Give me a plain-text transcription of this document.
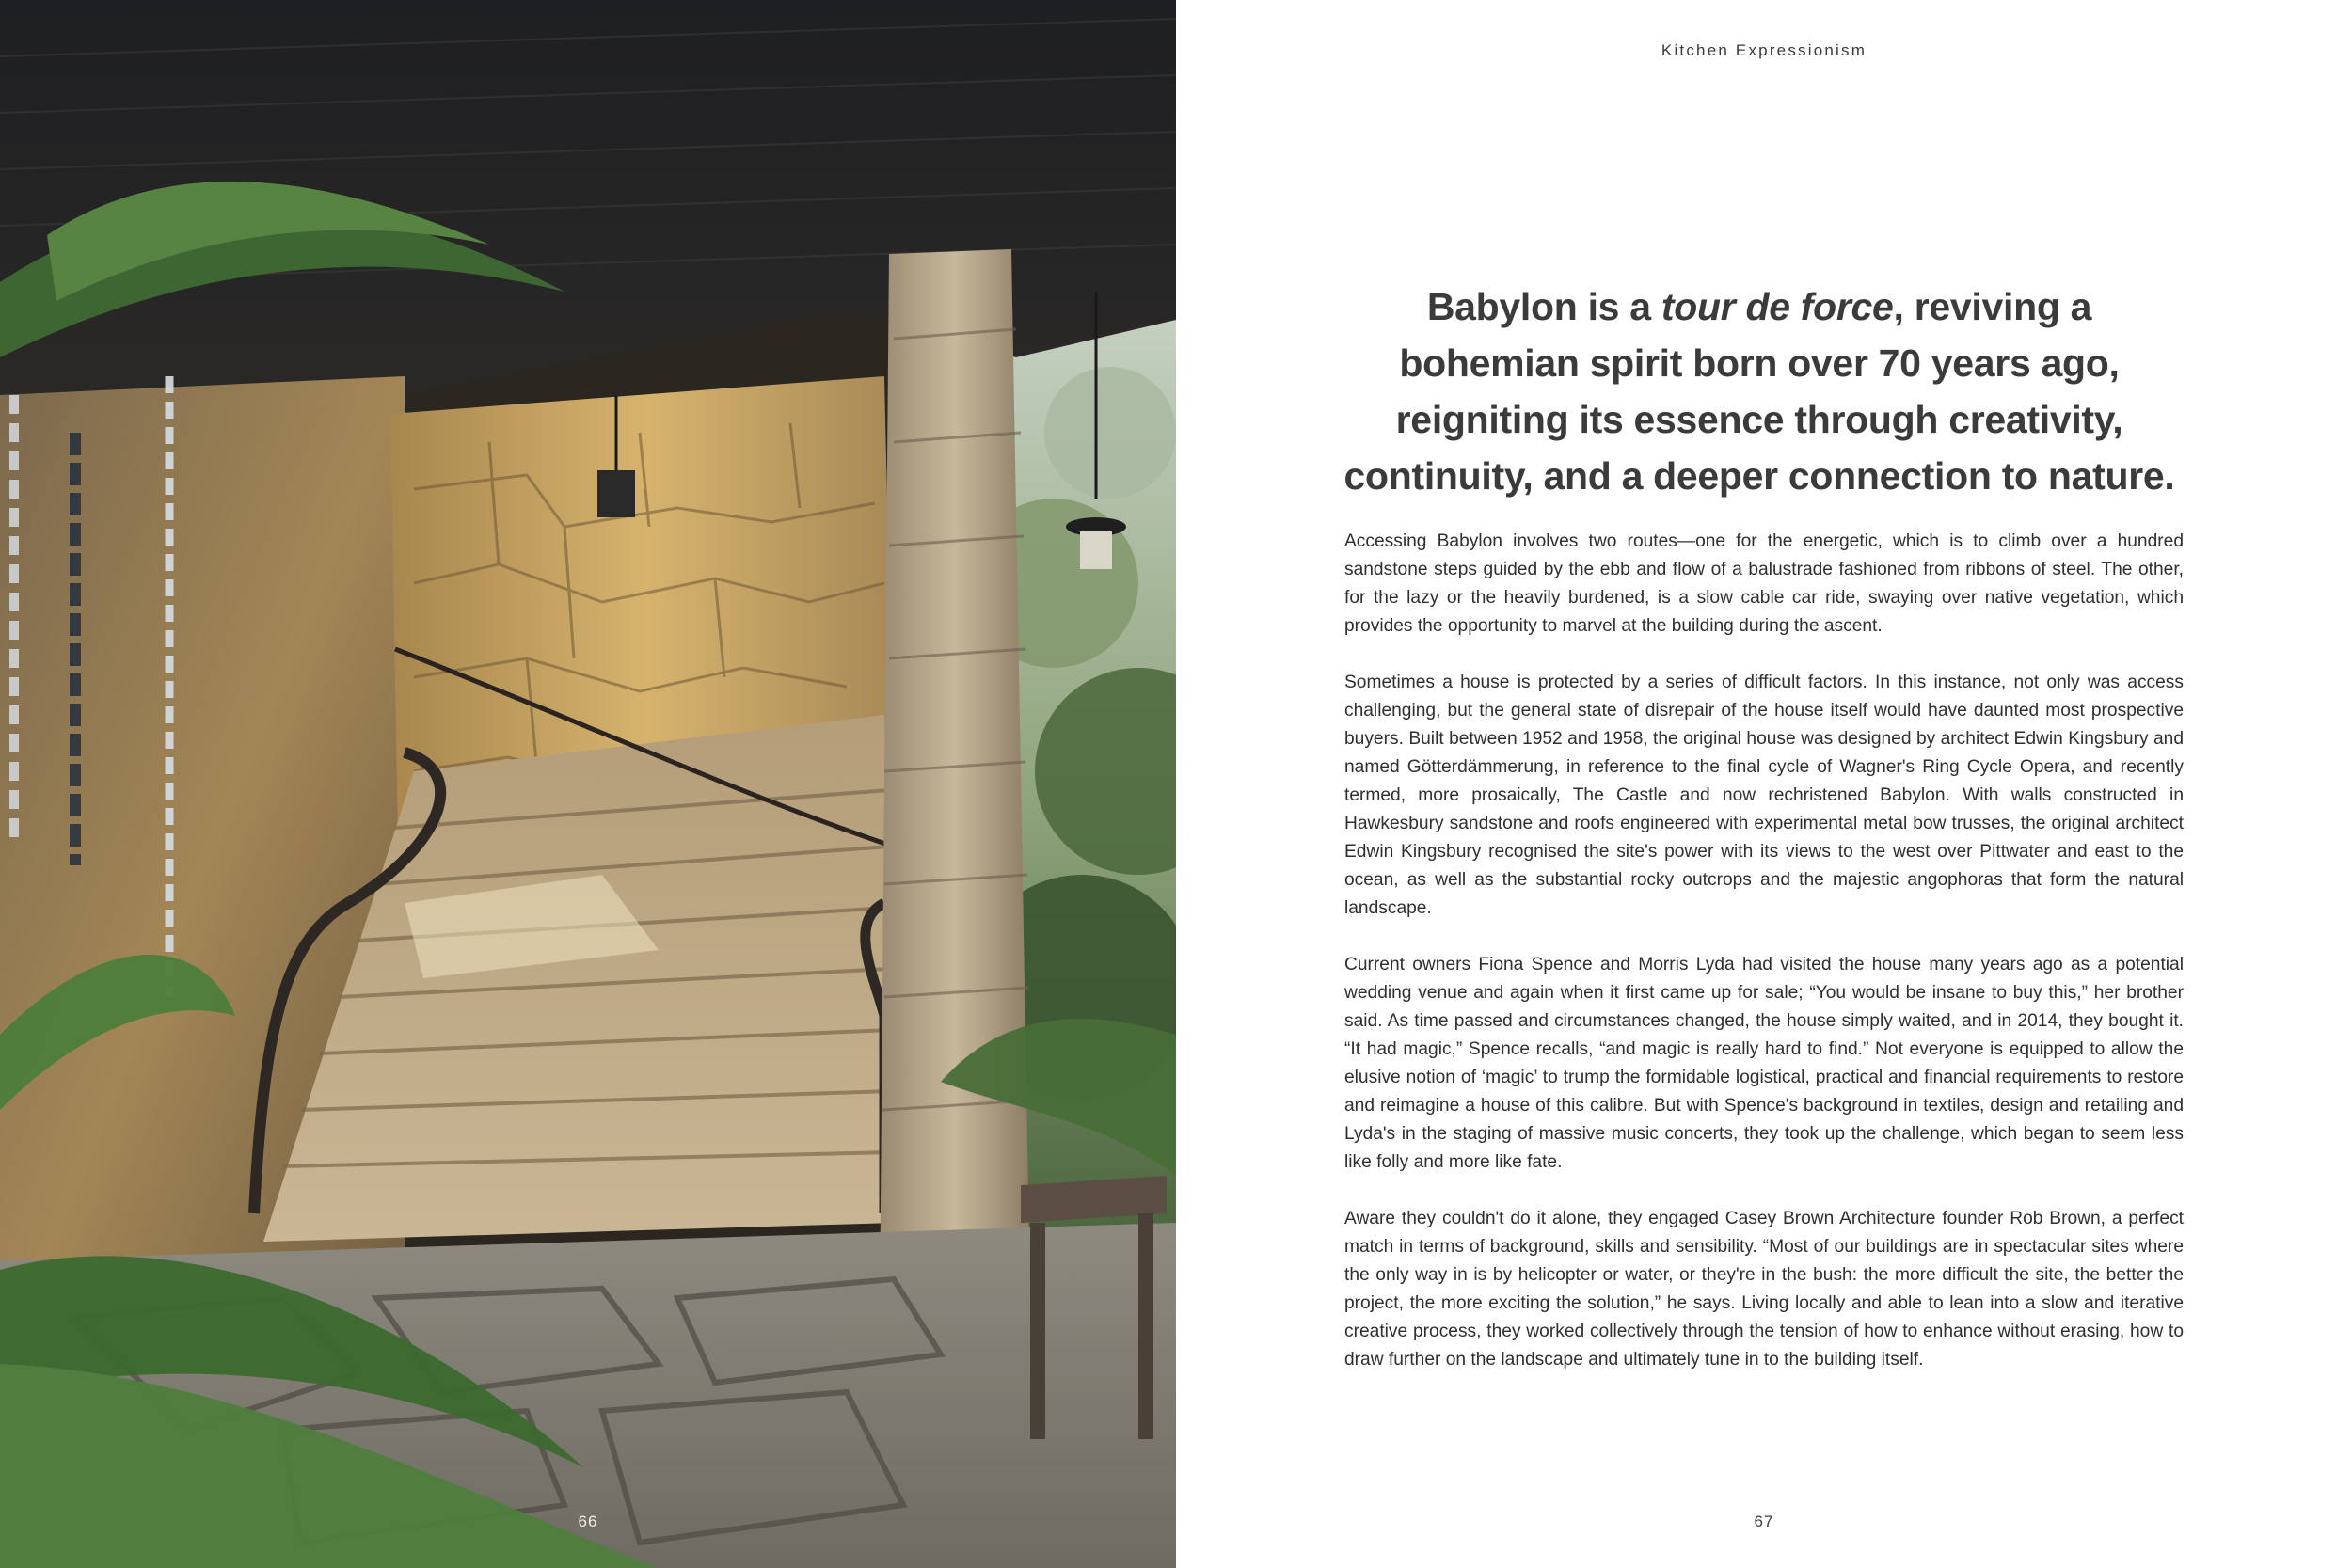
66
Kitchen Expressionism
Babylon is a tour de force, reviving a bohemian spirit born over 70 years ago, reigniting its essence through creativity, continuity, and a deeper connection to nature.

Accessing Babylon involves two routes—one for the energetic, which is to climb over a hundred sandstone steps guided by the ebb and flow of a balustrade fashioned from ribbons of steel. The other, for the lazy or the heavily burdened, is a slow cable car ride, swaying over native vegetation, which provides the opportunity to marvel at the building during the ascent.

Sometimes a house is protected by a series of difficult factors. In this instance, not only was access challenging, but the general state of disrepair of the house itself would have daunted most prospective buyers. Built between 1952 and 1958, the original house was designed by architect Edwin Kingsbury and named Götterdämmerung, in reference to the final cycle of Wagner's Ring Cycle Opera, and recently termed, more prosaically, The Castle and now rechristened Babylon. With walls constructed in Hawkesbury sandstone and roofs engineered with experimental metal bow trusses, the original architect Edwin Kingsbury recognised the site's power with its views to the west over Pittwater and east to the ocean, as well as the substantial rocky outcrops and the majestic angophoras that form the natural landscape.

Current owners Fiona Spence and Morris Lyda had visited the house many years ago as a potential wedding venue and again when it first came up for sale; “You would be insane to buy this,” her brother said. As time passed and circumstances changed, the house simply waited, and in 2014, they bought it. “It had magic,” Spence recalls, “and magic is really hard to find.” Not everyone is equipped to allow the elusive notion of ‘magic’ to trump the formidable logistical, practical and financial requirements to restore and reimagine a house of this calibre. But with Spence's background in textiles, design and retailing and Lyda's in the staging of massive music concerts, they took up the challenge, which began to seem less like folly and more like fate.

Aware they couldn't do it alone, they engaged Casey Brown Architecture founder Rob Brown, a perfect match in terms of background, skills and sensibility. “Most of our buildings are in spectacular sites where the only way in is by helicopter or water, or they're in the bush: the more difficult the site, the better the project, the more exciting the solution,” he says. Living locally and able to lean into a slow and iterative creative process, they worked collectively through the tension of how to enhance without erasing, how to draw further on the landscape and ultimately tune in to the building itself.

67
